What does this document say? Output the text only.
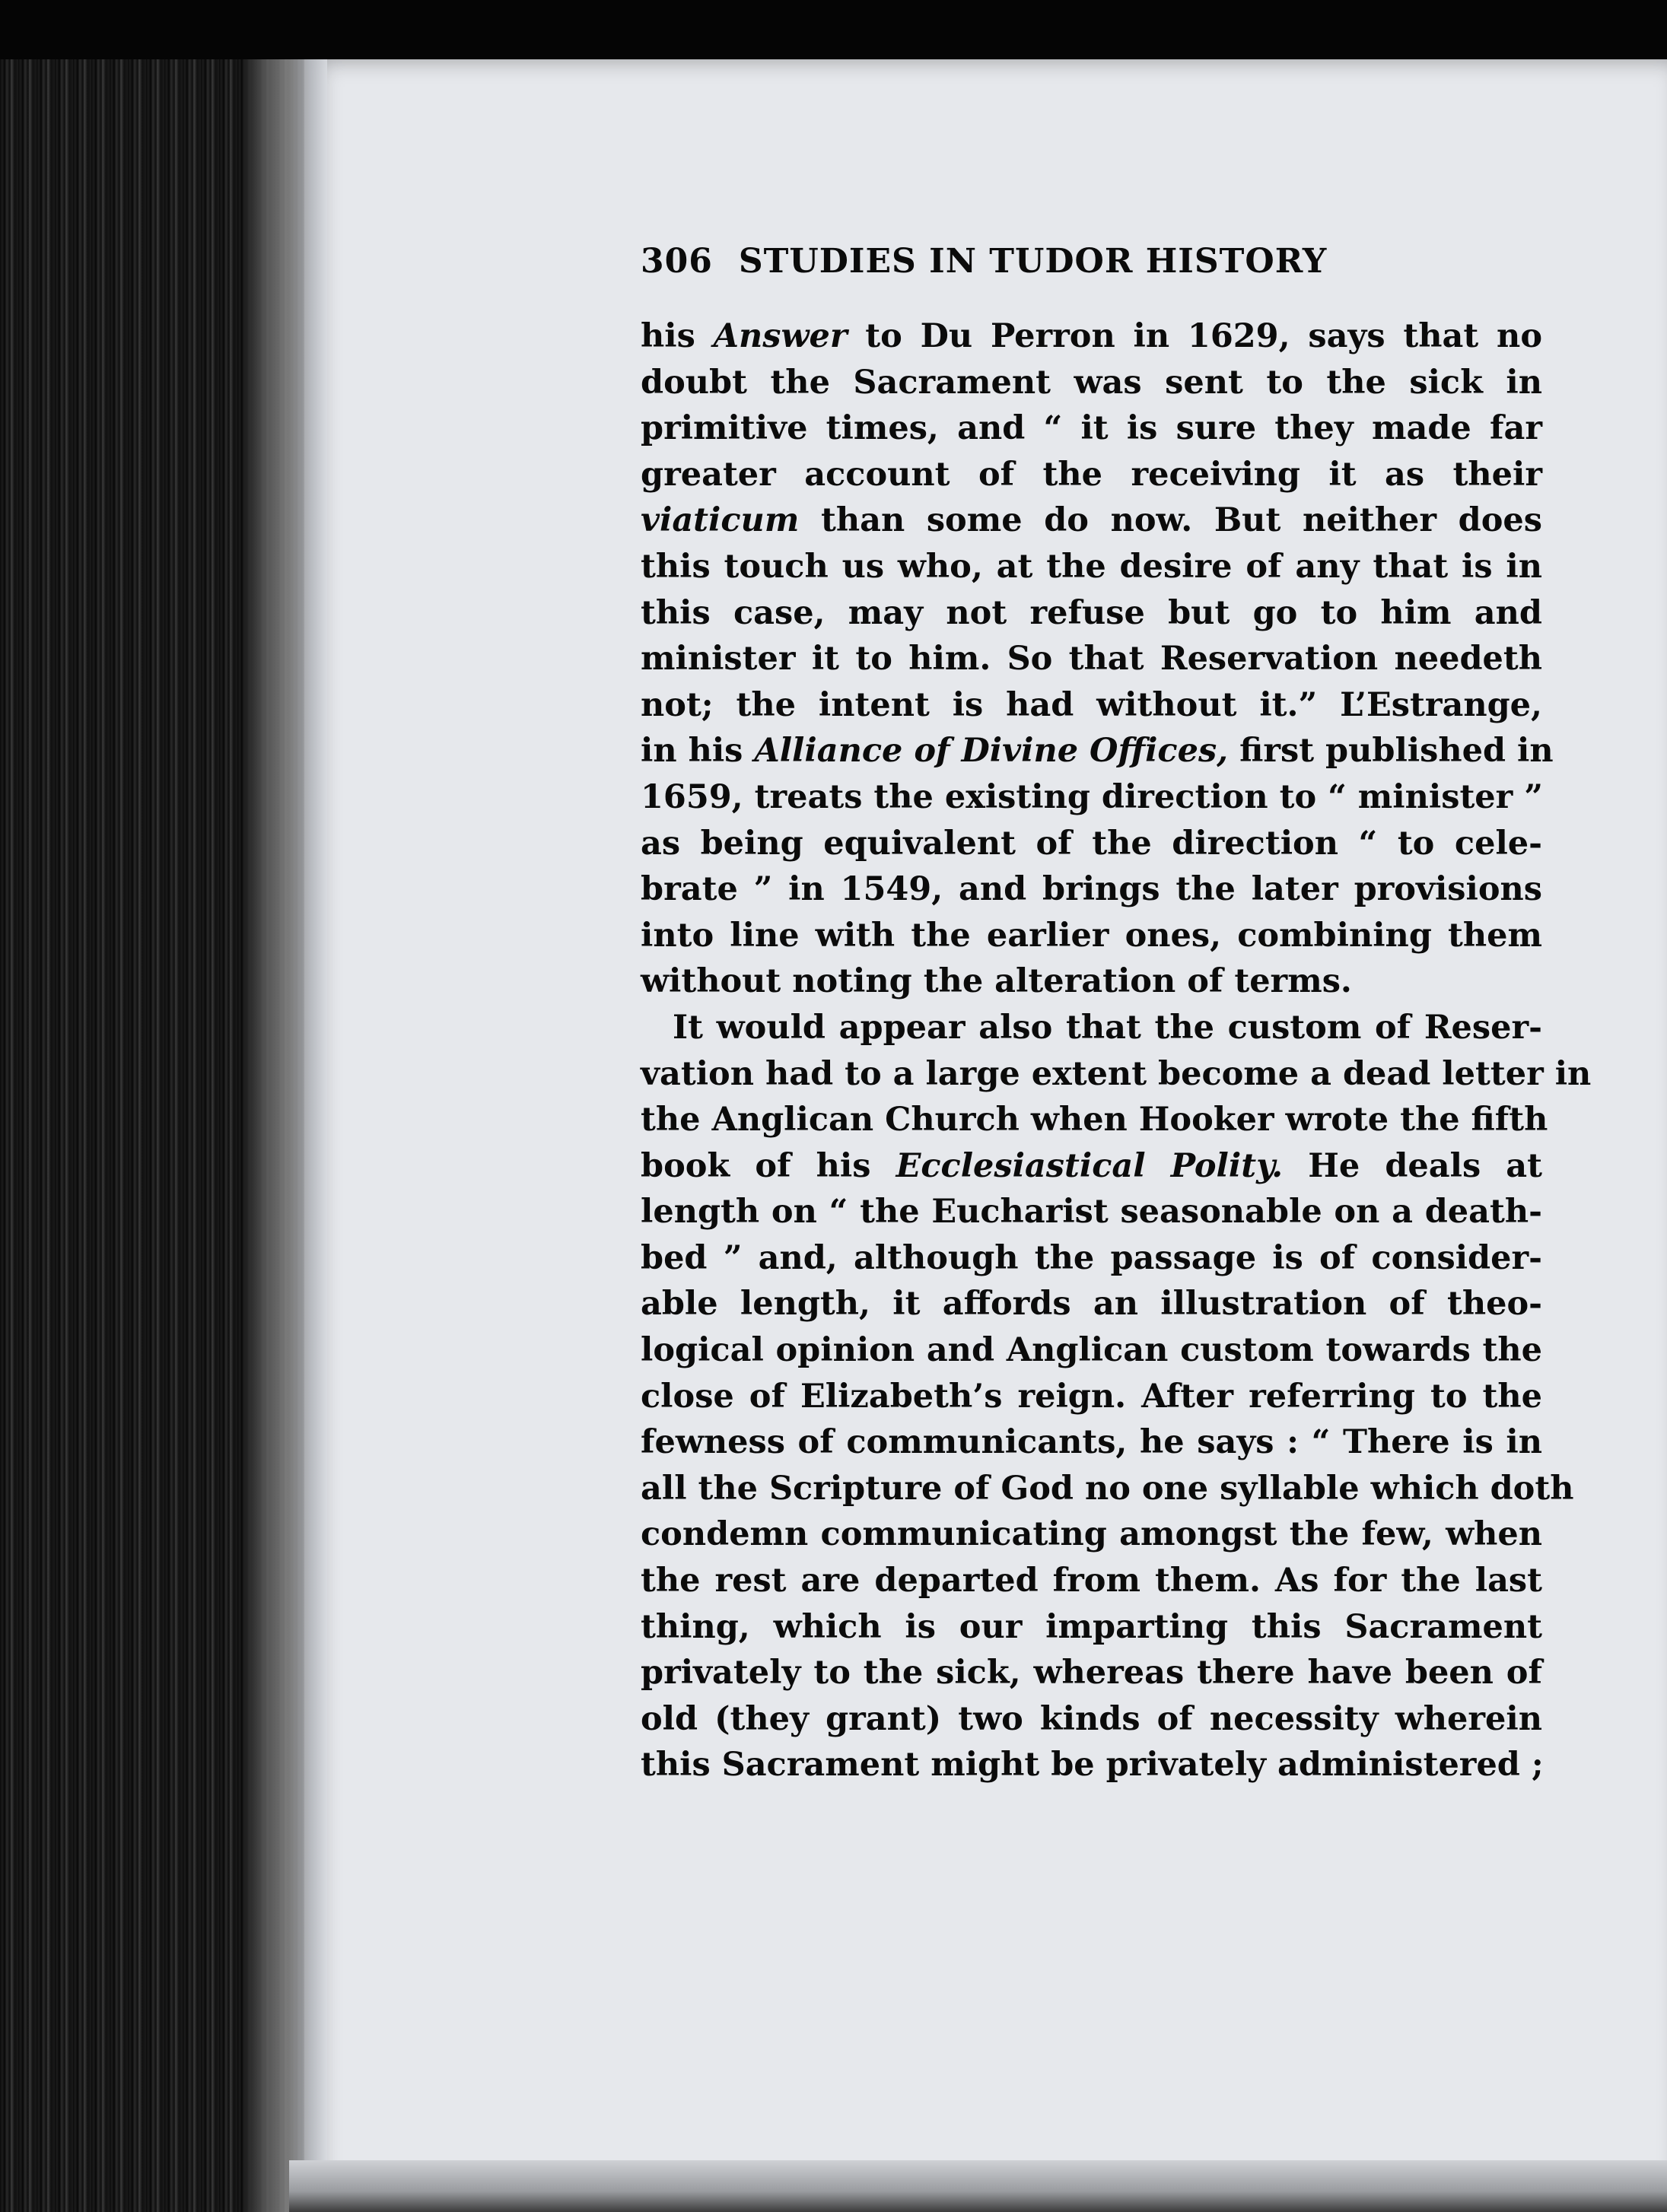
306 STUDIES IN TUDOR HISTORY
his Answer to Du Perron in 1629, says that no
doubt the Sacrament was sent to the sick in
primitive times, and “ it is sure they made far
greater account of the receiving it as their
viaticum than some do now. But neither does
this touch us who, at the desire of any that is in
this case, may not refuse but go to him and
minister it to him. So that Reservation needeth
not; the intent is had without it.” L’Estrange,
in his Alliance of Divine Offices, first published in
1659, treats the existing direction to “ minister ”
as being equivalent of the direction “ to cele-
brate ” in 1549, and brings the later provisions
into line with the earlier ones, combining them
without noting the alteration of terms.
It would appear also that the custom of Reser-
vation had to a large extent become a dead letter in
the Anglican Church when Hooker wrote the fifth
book of his Ecclesiastical Polity. He deals at
length on “ the Eucharist seasonable on a death-
bed ” and, although the passage is of consider-
able length, it affords an illustration of theo-
logical opinion and Anglican custom towards the
close of Elizabeth’s reign. After referring to the
fewness of communicants, he says : “ There is in
all the Scripture of God no one syllable which doth
condemn communicating amongst the few, when
the rest are departed from them. As for the last
thing, which is our imparting this Sacrament
privately to the sick, whereas there have been of
old (they grant) two kinds of necessity wherein
this Sacrament might be privately administered ;
